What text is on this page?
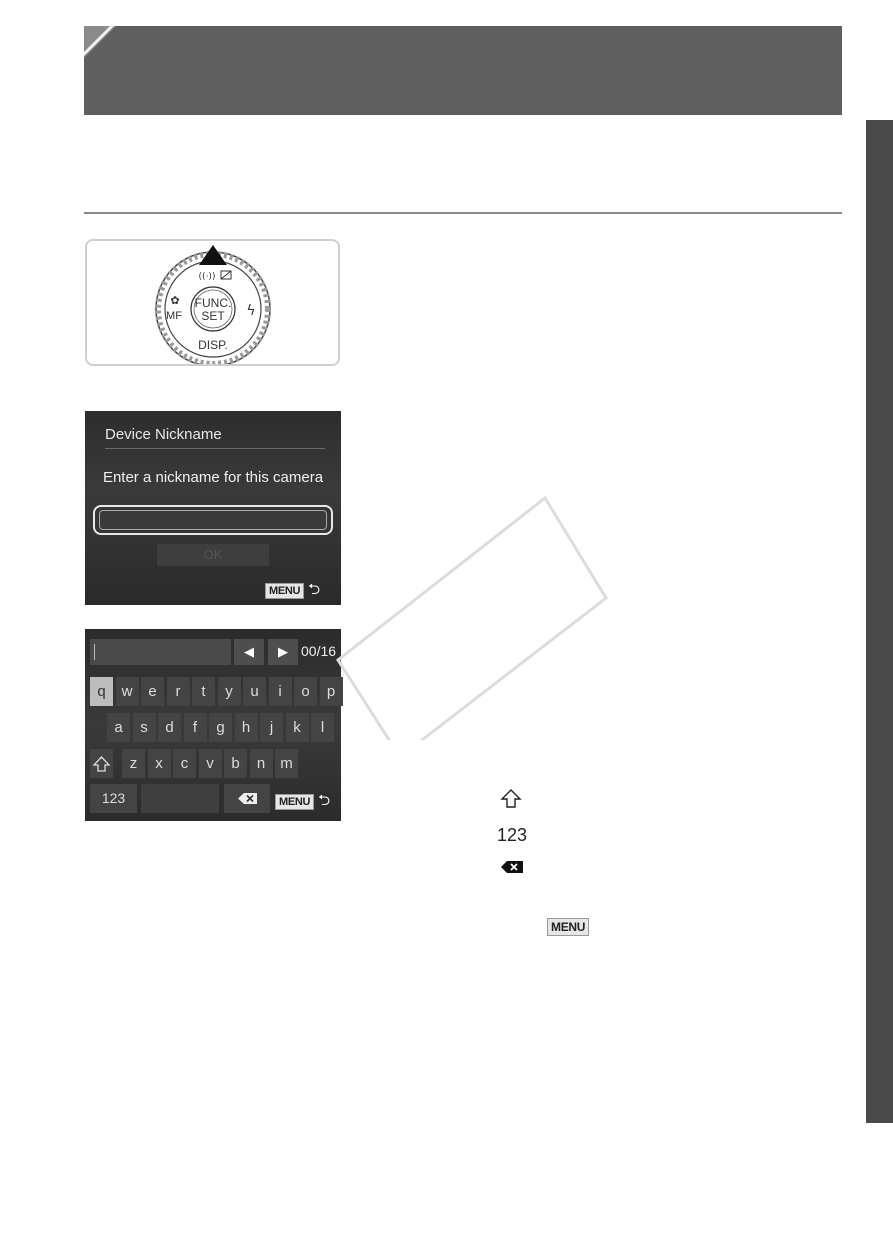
FUNC.
SET
DISP.
MF
((·))
✿
ϟ
Device Nickname
Enter a nickname for this camera
OK
MENU ⮌
◀	▶ 00/16
q	w	e	r	t	y	u	i	o	p
a	s	d	f	g	h	j	k	l
z	x	c	v	b	n	m
123	MENU ⮌
123
MENU
